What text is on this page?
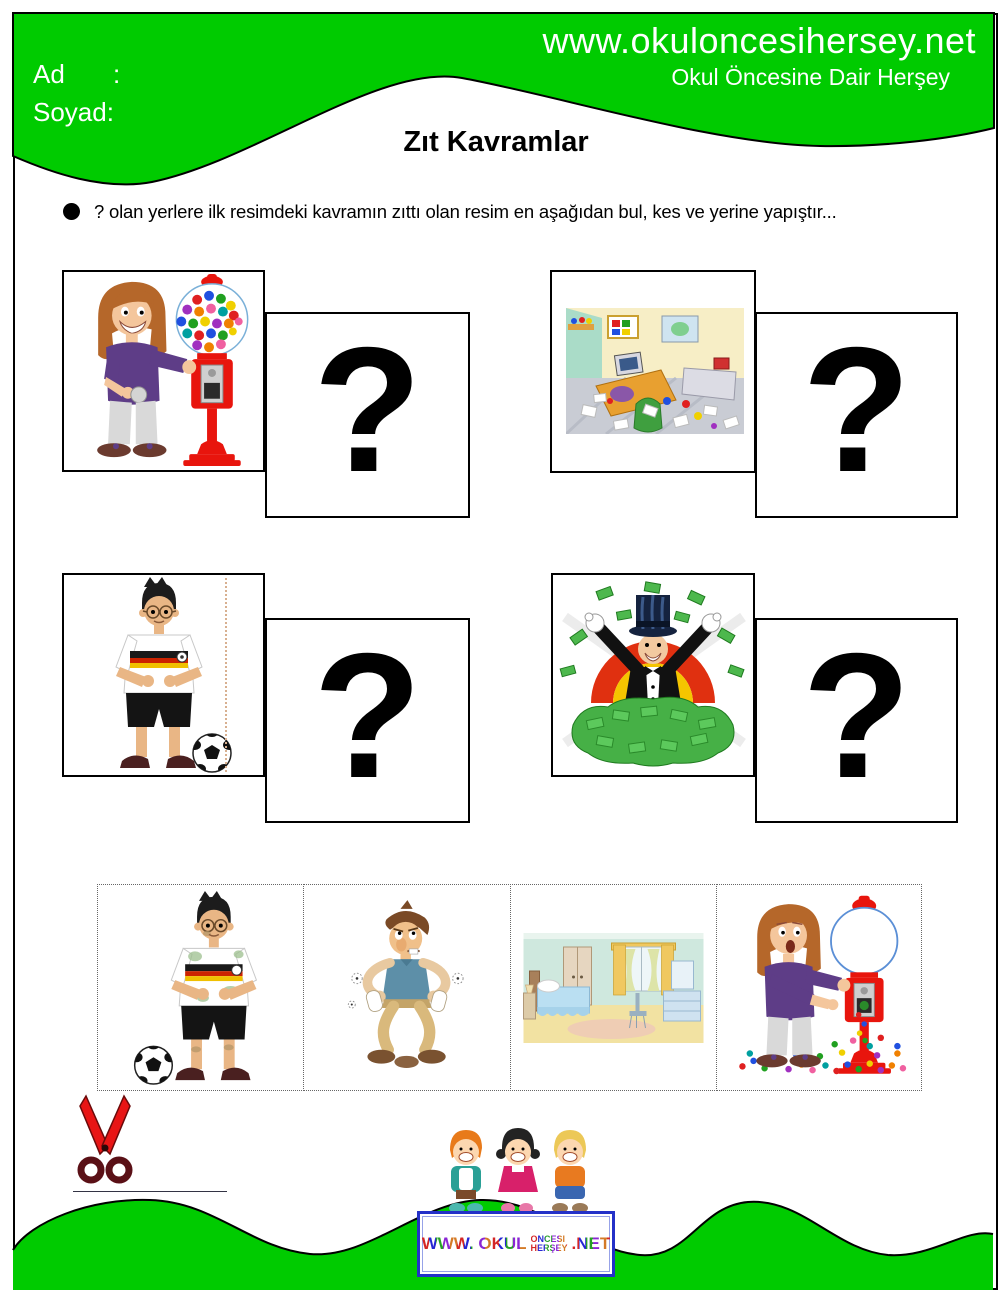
www.okuloncesihersey.net
Okul Öncesine Dair Herşey
Ad :
Soyad:
Zıt Kavramlar
? olan yerlere ilk resimdeki kavramın zıttı olan resim en aşağıdan bul, kes ve yerine yapıştır...
? ?
? ?
WWW. OKUL ÖNCESİ
HERŞEY .NET
